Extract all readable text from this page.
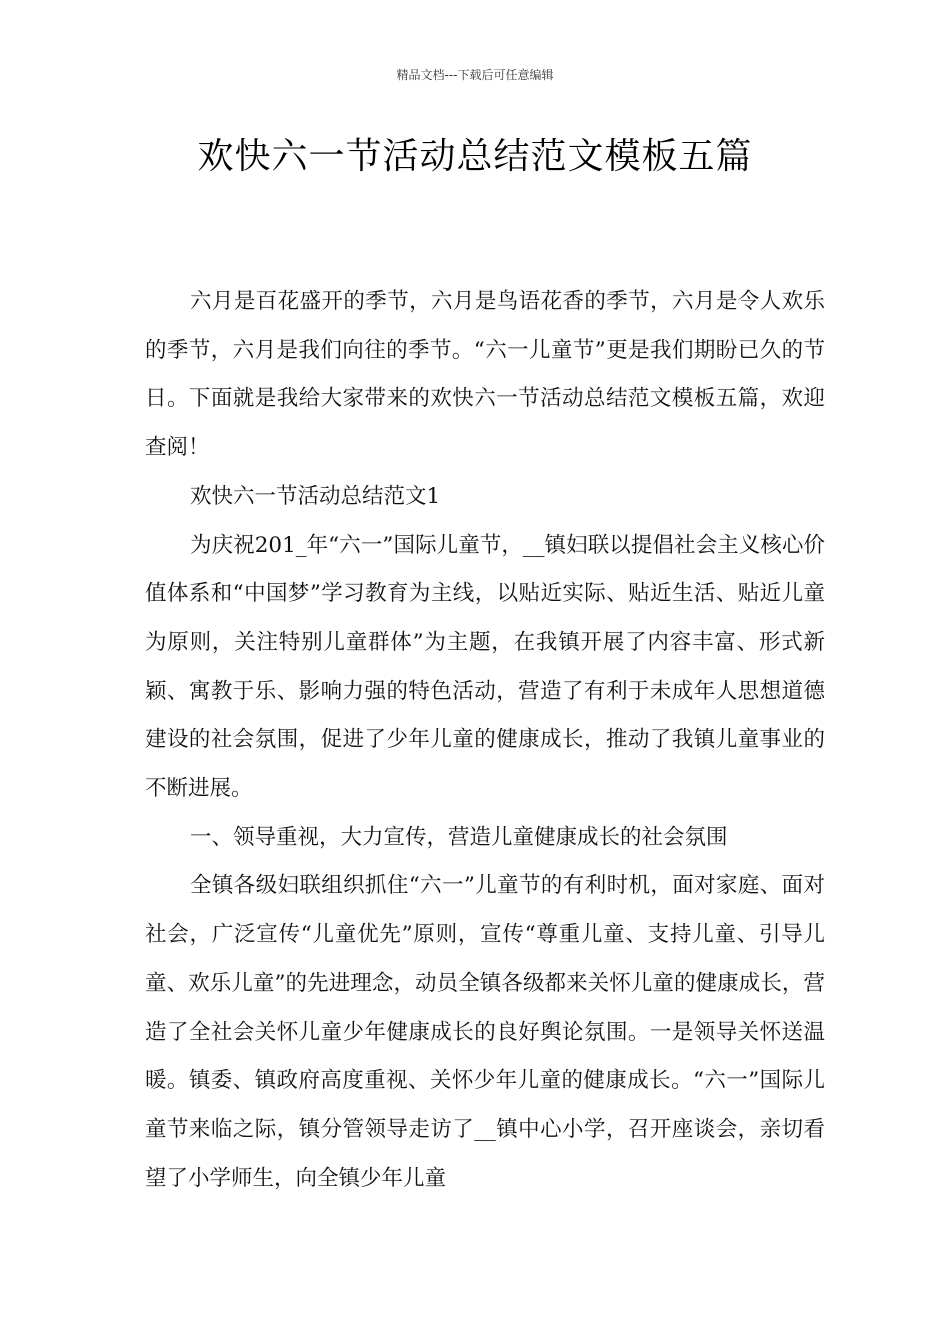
精品文档---下载后可任意编辑
欢快六一节活动总结范文模板五篇

六月是百花盛开的季节，六月是鸟语花香的季节，六月是令人欢乐的季节，六月是我们向往的季节。“六一儿童节”更是我们期盼已久的节日。下面就是我给大家带来的欢快六一节活动总结范文模板五篇，欢迎查阅！

欢快六一节活动总结范文1

为庆祝201_年“六一”国际儿童节，__镇妇联以提倡社会主义核心价值体系和“中国梦”学习教育为主线，以贴近实际、贴近生活、贴近儿童为原则，关注特别儿童群体”为主题，在我镇开展了内容丰富、形式新颖、寓教于乐、影响力强的特色活动，营造了有利于未成年人思想道德建设的社会氛围，促进了少年儿童的健康成长，推动了我镇儿童事业的不断进展。

一、领导重视，大力宣传，营造儿童健康成长的社会氛围

全镇各级妇联组织抓住“六一”儿童节的有利时机，面对家庭、面对社会，广泛宣传“儿童优先”原则，宣传“尊重儿童、支持儿童、引导儿童、欢乐儿童”的先进理念，动员全镇各级都来关怀儿童的健康成长，营造了全社会关怀儿童少年健康成长的良好舆论氛围。一是领导关怀送温暖。镇委、镇政府高度重视、关怀少年儿童的健康成长。“六一”国际儿童节来临之际，镇分管领导走访了__镇中心小学，召开座谈会，亲切看望了小学师生，向全镇少年儿童
